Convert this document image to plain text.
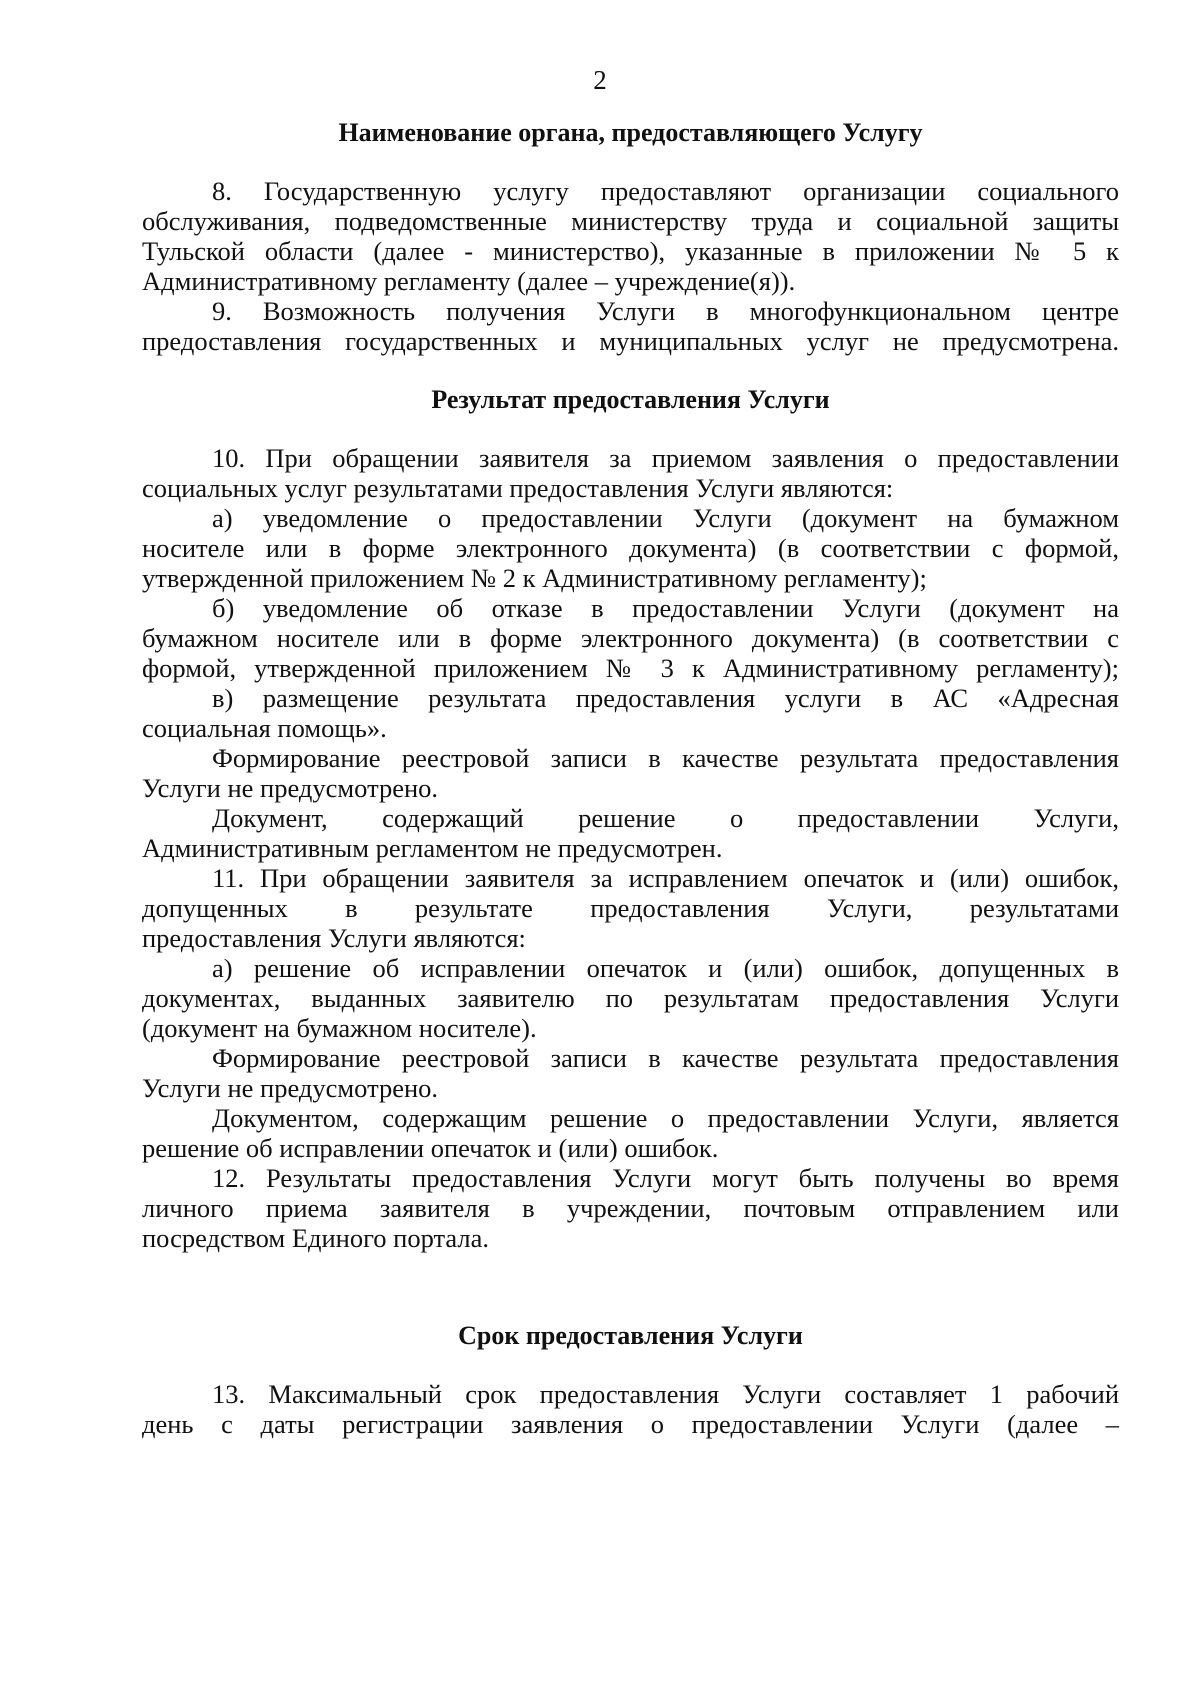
2
Наименование органа, предоставляющего Услугу
8. Государственную услугу предоставляют организации социального
обслуживания, подведомственные министерству труда и социальной защиты
Тульской области (далее - министерство), указанные в приложении № 5 к
Административному регламенту (далее – учреждение(я)).
9. Возможность получения Услуги в многофункциональном центре
предоставления государственных и муниципальных услуг не предусмотрена.
Результат предоставления Услуги
10. При обращении заявителя за приемом заявления о предоставлении
социальных услуг результатами предоставления Услуги являются:
а) уведомление о предоставлении Услуги (документ на бумажном
носителе или в форме электронного документа) (в соответствии с формой,
утвержденной приложением № 2 к Административному регламенту);
б) уведомление об отказе в предоставлении Услуги (документ на
бумажном носителе или в форме электронного документа) (в соответствии с
формой, утвержденной приложением № 3 к Административному регламенту);
в) размещение результата предоставления услуги в АС «Адресная
социальная помощь».
Формирование реестровой записи в качестве результата предоставления
Услуги не предусмотрено.
Документ, содержащий решение о предоставлении Услуги,
Административным регламентом не предусмотрен.
11. При обращении заявителя за исправлением опечаток и (или) ошибок,
допущенных в результате предоставления Услуги, результатами
предоставления Услуги являются:
а) решение об исправлении опечаток и (или) ошибок, допущенных в
документах, выданных заявителю по результатам предоставления Услуги
(документ на бумажном носителе).
Формирование реестровой записи в качестве результата предоставления
Услуги не предусмотрено.
Документом, содержащим решение о предоставлении Услуги, является
решение об исправлении опечаток и (или) ошибок.
12. Результаты предоставления Услуги могут быть получены во время
личного приема заявителя в учреждении, почтовым отправлением или
посредством Единого портала.
Срок предоставления Услуги
13. Максимальный срок предоставления Услуги составляет 1 рабочий
день с даты регистрации заявления о предоставлении Услуги (далее –
